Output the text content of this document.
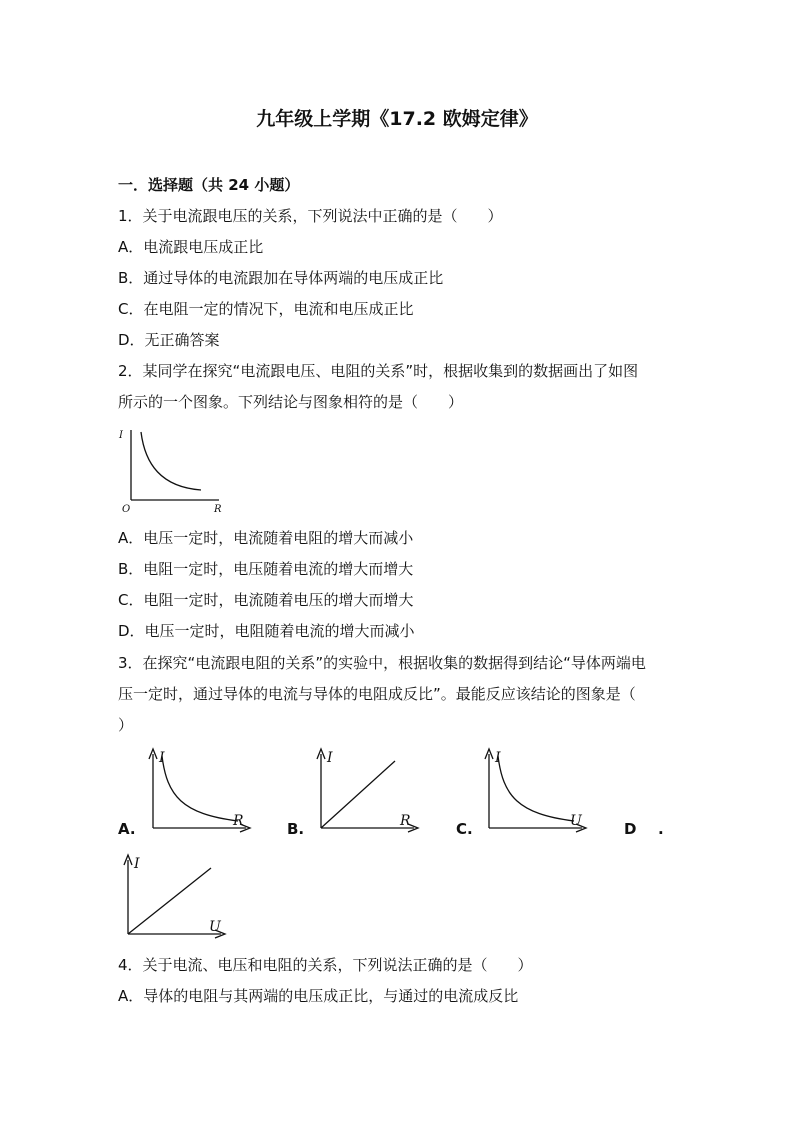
九年级上学期《17.2 欧姆定律》
一．选择题（共 24 小题）
1．关于电流跟电压的关系，下列说法中正确的是（　　）
A．电流跟电压成正比
B．通过导体的电流跟加在导体两端的电压成正比
C．在电阻一定的情况下，电流和电压成正比
D．无正确答案
2．某同学在探究“电流跟电压、电阻的关系”时，根据收集到的数据画出了如图
所示的一个图象。下列结论与图象相符的是（　　）
I
R
O
A．电压一定时，电流随着电阻的增大而减小
B．电阻一定时，电压随着电流的增大而增大
C．电阻一定时，电流随着电压的增大而增大
D．电压一定时，电阻随着电流的增大而减小
3．在探究“电流跟电阻的关系”的实验中，根据收集的数据得到结论“导体两端电
压一定时，通过导体的电流与导体的电阻成反比”。最能反应该结论的图象是（
）
A.
I
R	B.
I
R	C.
I
U	D .
I
U
4．关于电流、电压和电阻的关系，下列说法正确的是（　　）
A．导体的电阻与其两端的电压成正比，与通过的电流成反比
